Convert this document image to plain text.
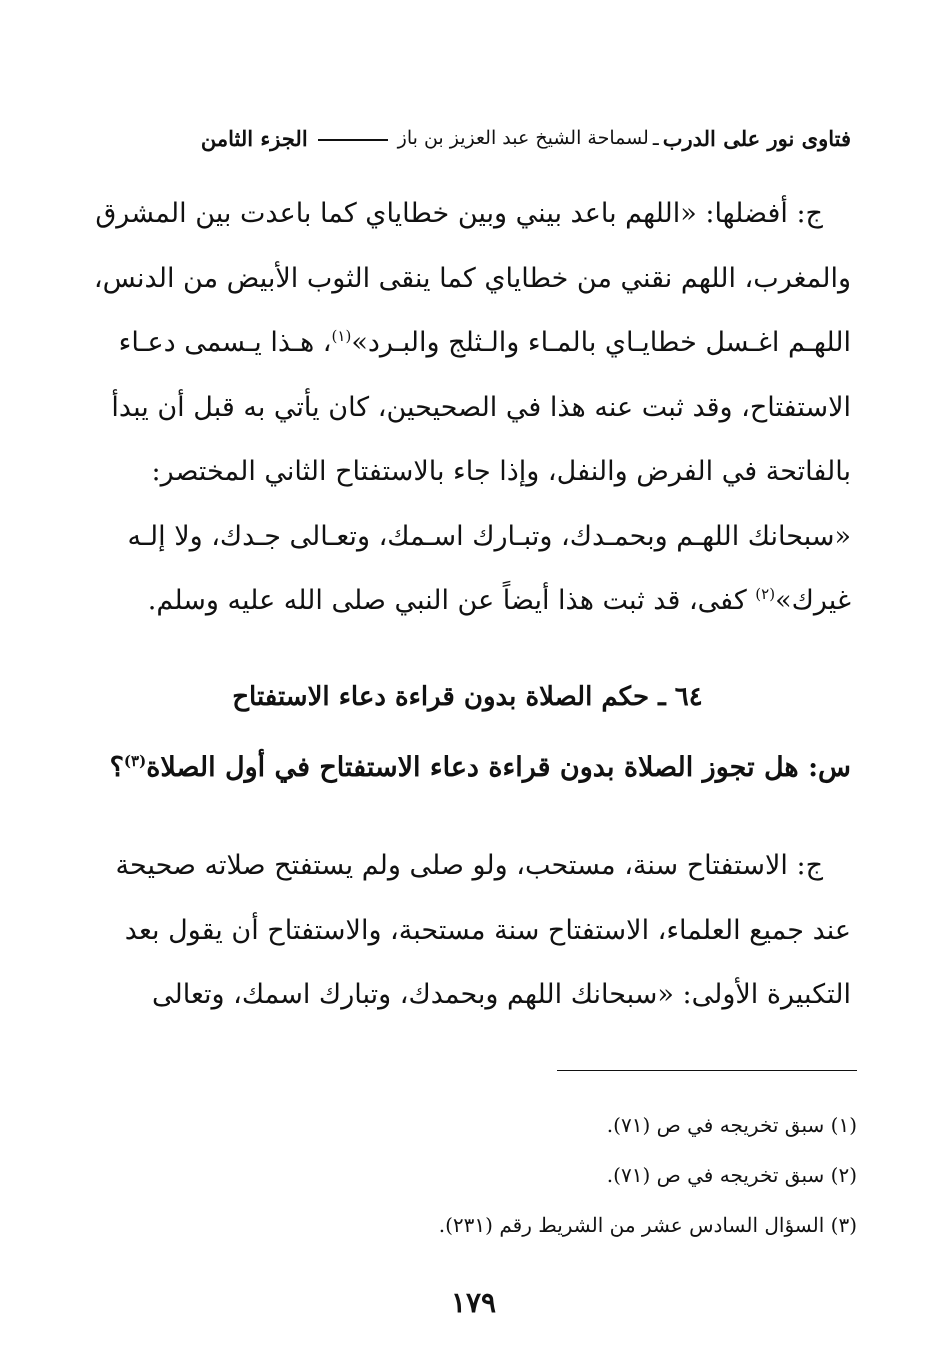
فتاوى نور على الدرب
ـ
لسماحة الشيخ عبد العزيز بن باز
الجزء الثامن

ج: أفضلها: «اللهم باعد بيني وبين خطاياي كما باعدت بين المشرق

والمغرب، اللهم نقني من خطاياي كما ينقى الثوب الأبيض من الدنس،

اللهـم اغـسل خطايـاي بالمـاء والـثلج والبـرد»$^{(١)}$، هـذا يـسمى دعـاء

الاستفتاح، وقد ثبت عنه هذا في الصحيحين، كان يأتي به قبل أن يبدأ

بالفاتحة في الفرض والنفل، وإذا جاء بالاستفتاح الثاني المختصر:

«سبحانك اللهـم وبحمـدك، وتبـارك اسـمك، وتعـالى جـدك، ولا إلـه

غيرك»$^{(٢)}$ كفى، قد ثبت هذا أيضاً عن النبي صلى الله عليه وسلم.

٦٤ ـ حكم الصلاة بدون قراءة دعاء الاستفتاح
س: هل تجوز الصلاة بدون قراءة دعاء الاستفتاح في أول الصلاة$^{(٣)}$؟

ج: الاستفتاح سنة، مستحب، ولو صلى ولم يستفتح صلاته صحيحة

عند جميع العلماء، الاستفتاح سنة مستحبة، والاستفتاح أن يقول بعد

التكبيرة الأولى: «سبحانك اللهم وبحمدك، وتبارك اسمك، وتعالى

(١) سبق تخريجه في ص (٧١).
(٢) سبق تخريجه في ص (٧١).
(٣) السؤال السادس عشر من الشريط رقم (٢٣١).
١٧٩
